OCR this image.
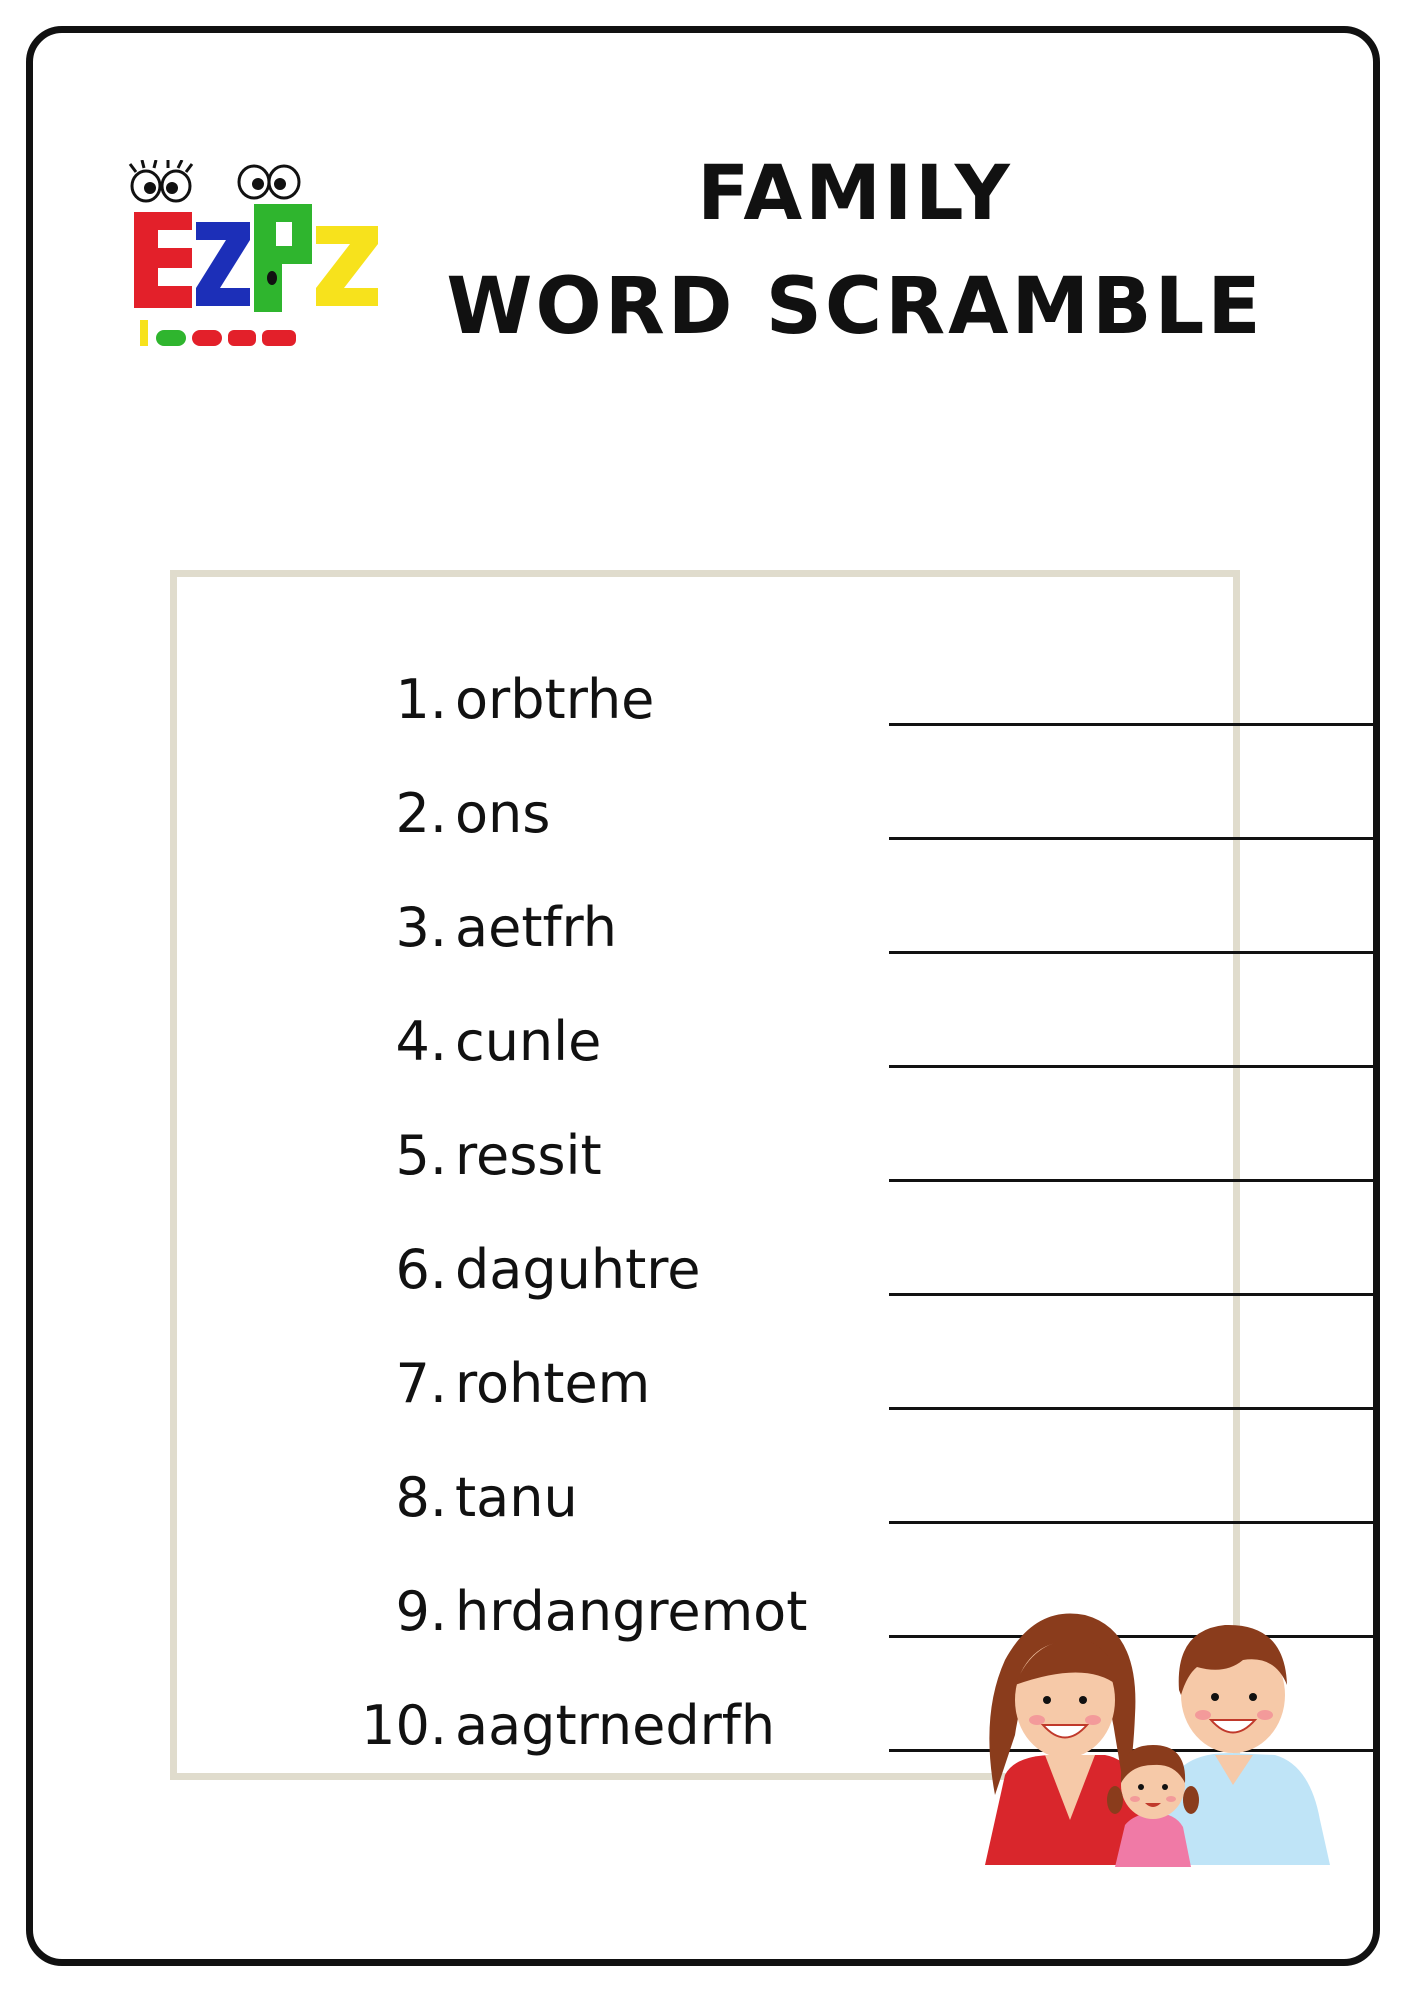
FAMILY
WORD SCRAMBLE
1. orbtrhe
2. ons
3. aetfrh
4. cunle
5. ressit
6. daguhtre
7. rohtem
8. tanu
9. hrdangremot
10. aagtrnedrfh
